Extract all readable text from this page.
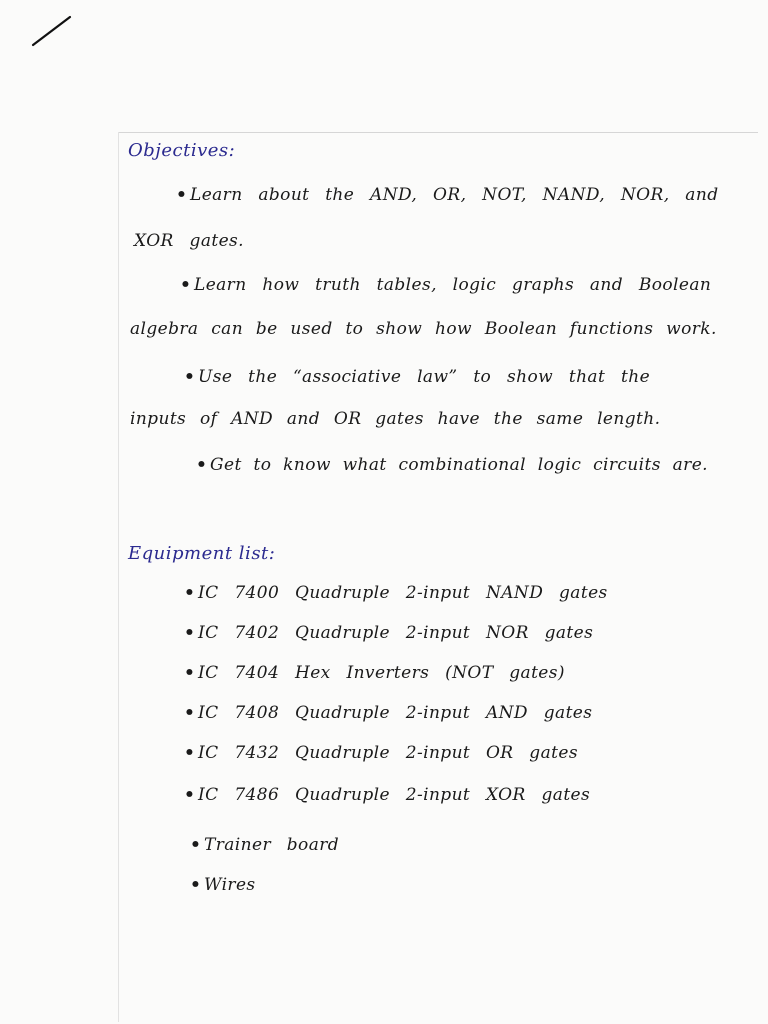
Objectives:
• Learn about the AND, OR, NOT, NAND, NOR, and
XOR gates.
• Learn how truth tables, logic graphs and Boolean
algebra can be used to show how Boolean functions work.
• Use the “associative law” to show that the
inputs of AND and OR gates have the same length.
• Get to know what combinational logic circuits are.
Equipment list:
• IC 7400 Quadruple 2-input NAND gates
• IC 7402 Quadruple 2-input NOR gates
• IC 7404 Hex Inverters (NOT gates)
• IC 7408 Quadruple 2-input AND gates
• IC 7432 Quadruple 2-input OR gates
• IC 7486 Quadruple 2-input XOR gates
• Trainer board
• Wires
